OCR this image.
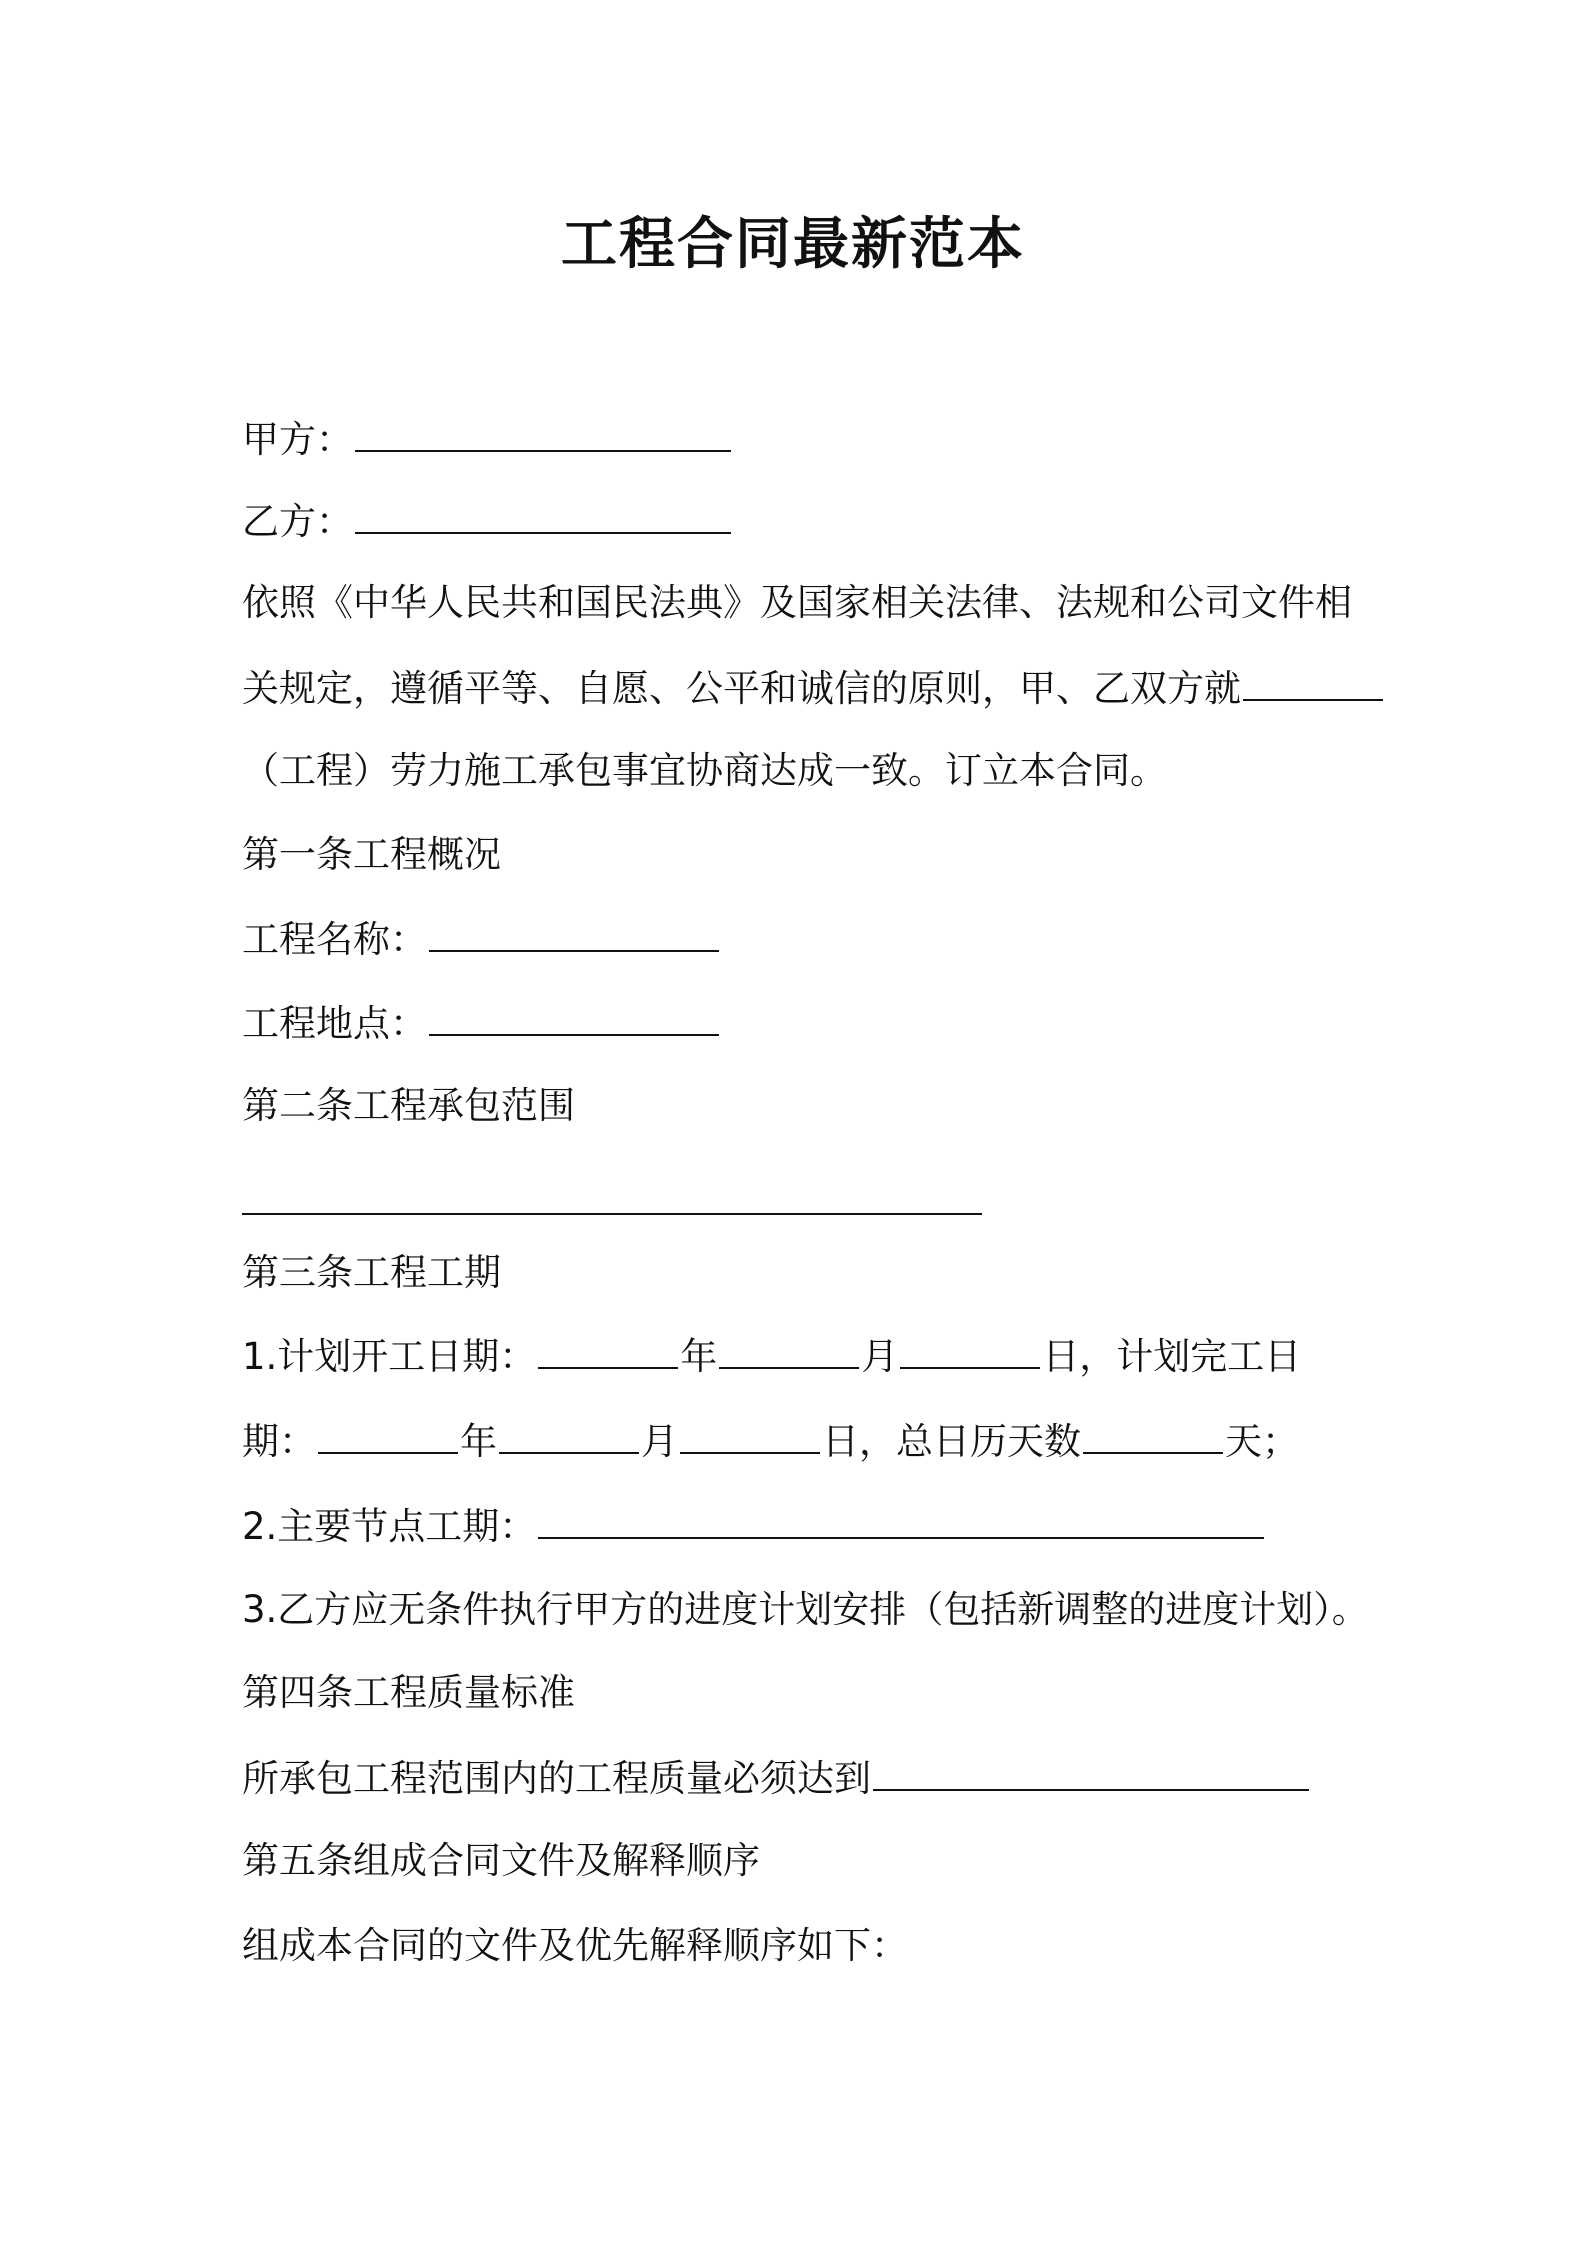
工程合同最新范本
甲方：
乙方：
依照《中华人民共和国民法典》及国家相关法律、法规和公司文件相
关规定，遵循平等、自愿、公平和诚信的原则，甲、乙双方就
（工程）劳力施工承包事宜协商达成一致。订立本合同。
第一条工程概况
工程名称：
工程地点：
第二条工程承包范围
第三条工程工期
1.计划开工日期：	年	月	日，计划完工日
期：	年	月	日，总日历天数	天；
2.主要节点工期：
3.乙方应无条件执行甲方的进度计划安排（包括新调整的进度计划）。
第四条工程质量标准
所承包工程范围内的工程质量必须达到
第五条组成合同文件及解释顺序
组成本合同的文件及优先解释顺序如下：
